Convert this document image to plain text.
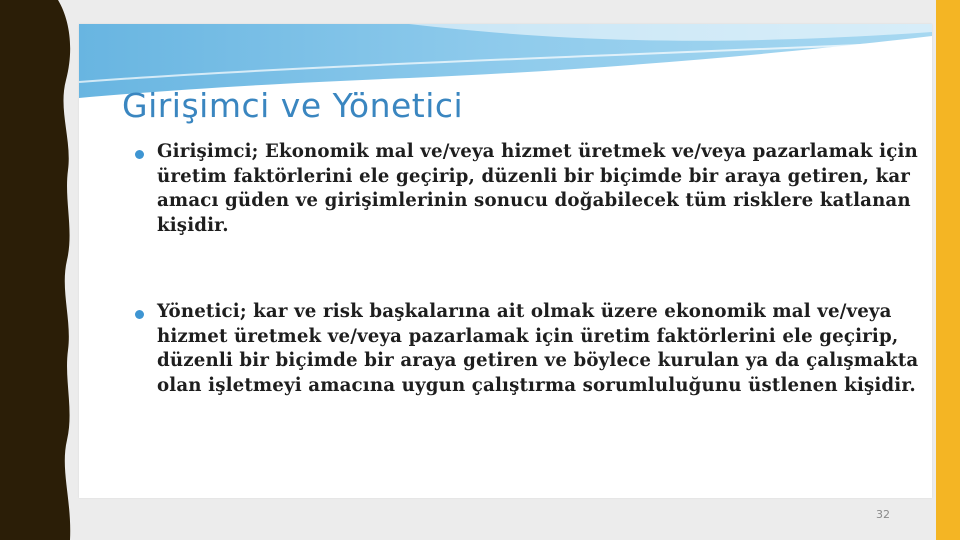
Girişimci ve Yönetici
Girişimci; Ekonomik mal ve/veya hizmet üretmek ve/veya pazarlamak için üretim faktörlerini ele geçirip, düzenli bir biçimde bir araya getiren, kar amacı güden ve girişimlerinin sonucu doğabilecek tüm risklere katlanan kişidir.
Yönetici; kar ve risk başkalarına ait olmak üzere ekonomik mal ve/veya hizmet üretmek ve/veya pazarlamak için üretim faktörlerini ele geçirip, düzenli bir biçimde bir araya getiren ve böylece kurulan ya da çalışmakta olan işletmeyi amacına uygun çalıştırma sorumluluğunu üstlenen kişidir.
32
